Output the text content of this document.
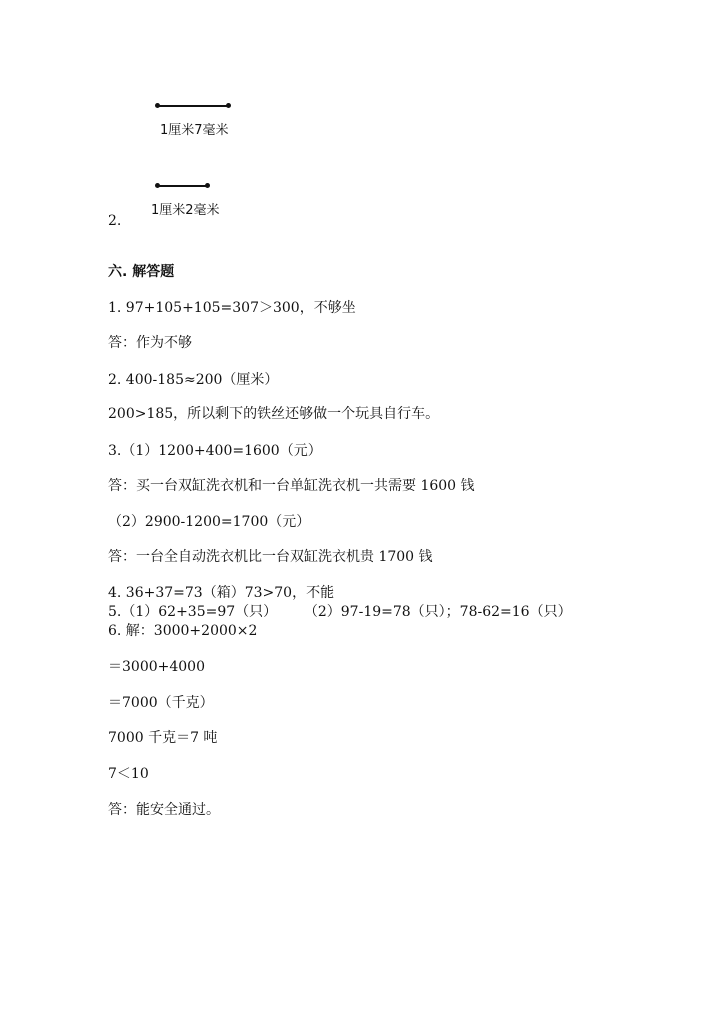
1厘米7毫米
1厘米2毫米
2.
六. 解答题
1. 97+105+105=307＞300，不够坐
答：作为不够
2. 400-185≈200（厘米）
200>185，所以剩下的铁丝还够做一个玩具自行车。
3.（1）1200+400=1600（元）
答：买一台双缸洗衣机和一台单缸洗衣机一共需要 1600 钱
（2）2900-1200=1700（元）
答：一台全自动洗衣机比一台双缸洗衣机贵 1700 钱
4. 36+37=73（箱）73>70，不能
5.（1）62+35=97（只）      （2）97-19=78（只）；78-62=16（只）
6. 解：3000+2000×2
＝3000+4000
＝7000（千克）
7000 千克＝7 吨
7＜10
答：能安全通过。
